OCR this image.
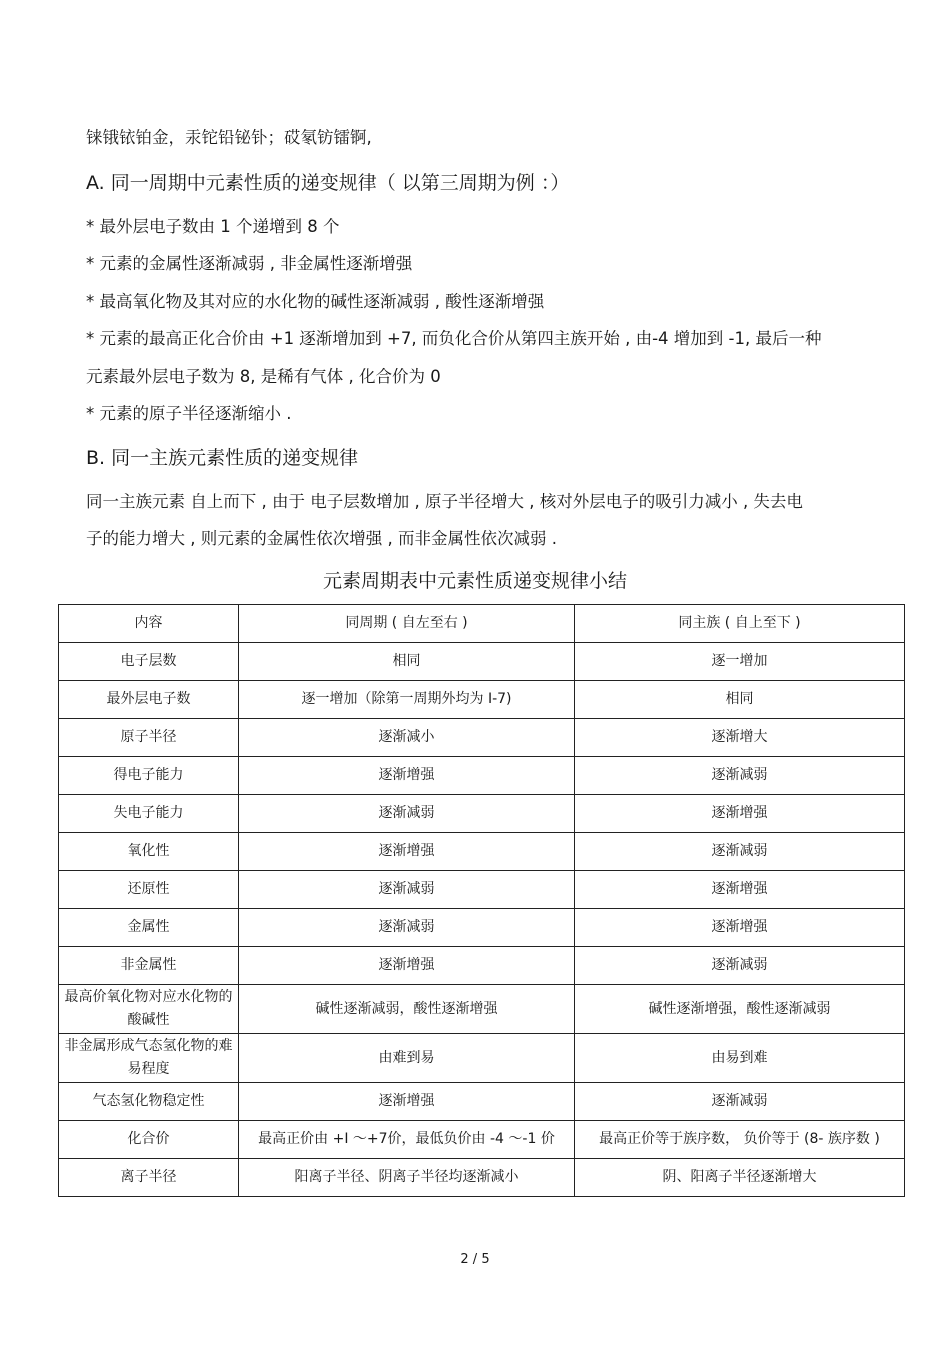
铼锇铱铂金，汞铊铅铋钋；砹氡钫镭锕,
A. 同一周期中元素性质的递变规律（ 以第三周期为例 ：）
* 最外层电子数由 1 个递增到 8 个
* 元素的金属性逐渐减弱 , 非金属性逐渐增强
* 最高氧化物及其对应的水化物的碱性逐渐减弱 , 酸性逐渐增强
* 元素的最高正化合价由 +1 逐渐增加到 +7, 而负化合价从第四主族开始 , 由-4 增加到 -1, 最后一种
元素最外层电子数为 8, 是稀有气体 , 化合价为 0
* 元素的原子半径逐渐缩小 .
B. 同一主族元素性质的递变规律
同一主族元素 自上而下 , 由于 电子层数增加 , 原子半径增大 , 核对外层电子的吸引力减小 , 失去电
子的能力增大 , 则元素的金属性依次增强 , 而非金属性依次减弱 .
元素周期表中元素性质递变规律小结
内容	同周期 ( 自左至右 )	同主族 ( 自上至下 )
电子层数	相同	逐一增加
最外层电子数	逐一增加（除第一周期外均为 I-7)	相同
原子半径	逐渐减小	逐渐增大
得电子能力	逐渐增强	逐渐减弱
失电子能力	逐渐减弱	逐渐增强
氧化性	逐渐增强	逐渐减弱
还原性	逐渐减弱	逐渐增强
金属性	逐渐减弱	逐渐增强
非金属性	逐渐增强	逐渐减弱
最高价氧化物对应水化物的酸碱性	碱性逐渐减弱，酸性逐渐增强	碱性逐渐增强，酸性逐渐减弱
非金属形成气态氢化物的难易程度	由难到易	由易到难
气态氢化物稳定性	逐渐增强	逐渐减弱
化合价	最高正价由 +I ～+7价，最低负价由 -4 ～-1 价	最高正价等于族序数， 负价等于 (8- 族序数 )
离子半径	阳离子半径、阴离子半径均逐渐减小	阴、阳离子半径逐渐增大
2 / 5
